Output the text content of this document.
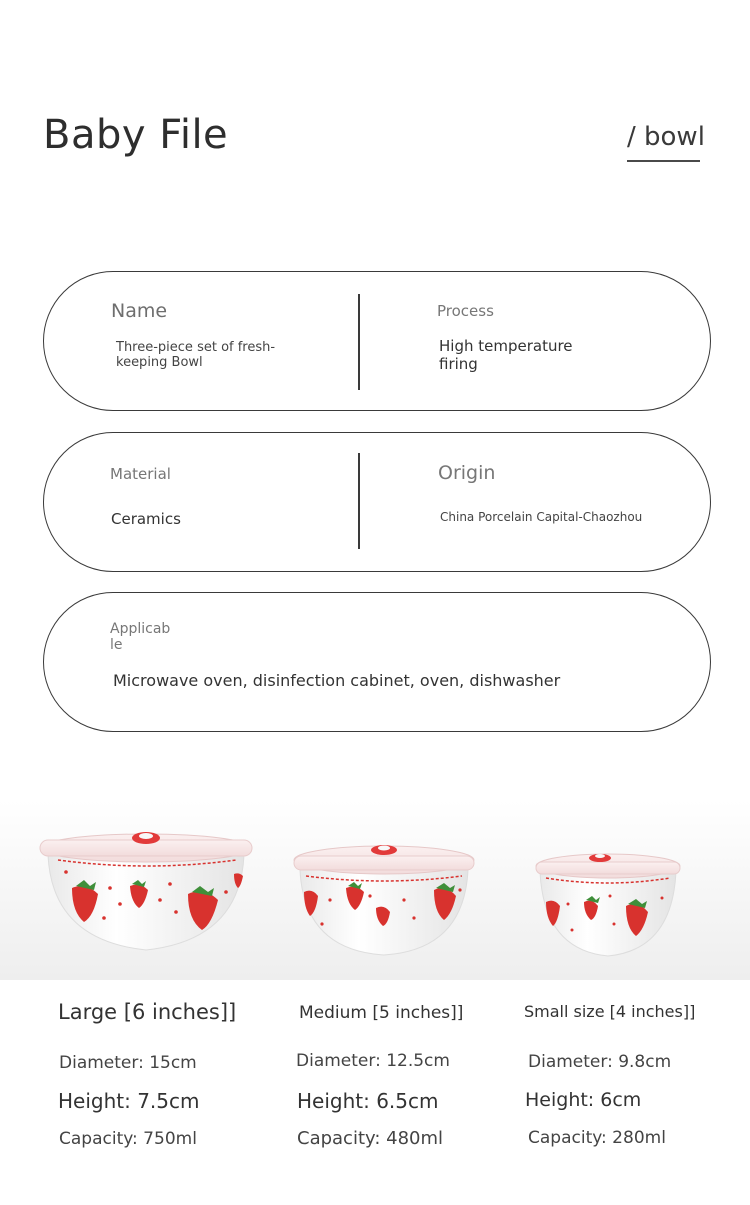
Baby File	/ bowl
Name
Three-piece set of fresh-
keeping Bowl
Process
High temperature
firing
Material
Ceramics
Origin
China Porcelain Capital-Chaozhou
Applicab
le
Microwave oven, disinfection cabinet, oven, dishwasher
Large [6 inches]]
Diameter: 15cm
Height: 7.5cm
Capacity: 750ml
Medium [5 inches]]
Diameter: 12.5cm
Height: 6.5cm
Capacity: 480ml
Small size [4 inches]]
Diameter: 9.8cm
Height: 6cm
Capacity: 280ml
